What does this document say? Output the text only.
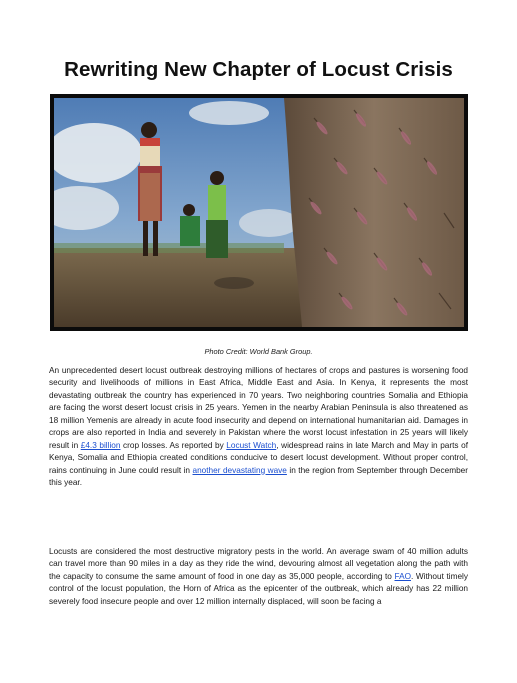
Rewriting New Chapter of Locust Crisis
Photo Credit: World Bank Group.

An unprecedented desert locust outbreak destroying millions of hectares of crops and pastures is worsening food security and livelihoods of millions in East Africa, Middle East and Asia. In Kenya, it represents the most devastating outbreak the country has experienced in 70 years. Two neighboring countries Somalia and Ethiopia are facing the worst desert locust crisis in 25 years. Yemen in the nearby Arabian Peninsula is also threatened as 18 million Yemenis are already in acute food insecurity and depend on international humanitarian aid. Damages in crops are also reported in India and severely in Pakistan where the worst locust infestation in 25 years will likely result in £4.3 billion crop losses. As reported by Locust Watch, widespread rains in late March and May in parts of Kenya, Somalia and Ethiopia created conditions conducive to desert locust development. Without proper control, rains continuing in June could result in another devastating wave in the region from September through December this year.

Locusts are considered the most destructive migratory pests in the world. An average swam of 40 million adults can travel more than 90 miles in a day as they ride the wind, devouring almost all vegetation along the path with the capacity to consume the same amount of food in one day as 35,000 people, according to FAO. Without timely control of the locust population, the Horn of Africa as the epicenter of the outbreak, which already has 22 million severely food insecure people and over 12 million internally displaced, will soon be facing a
